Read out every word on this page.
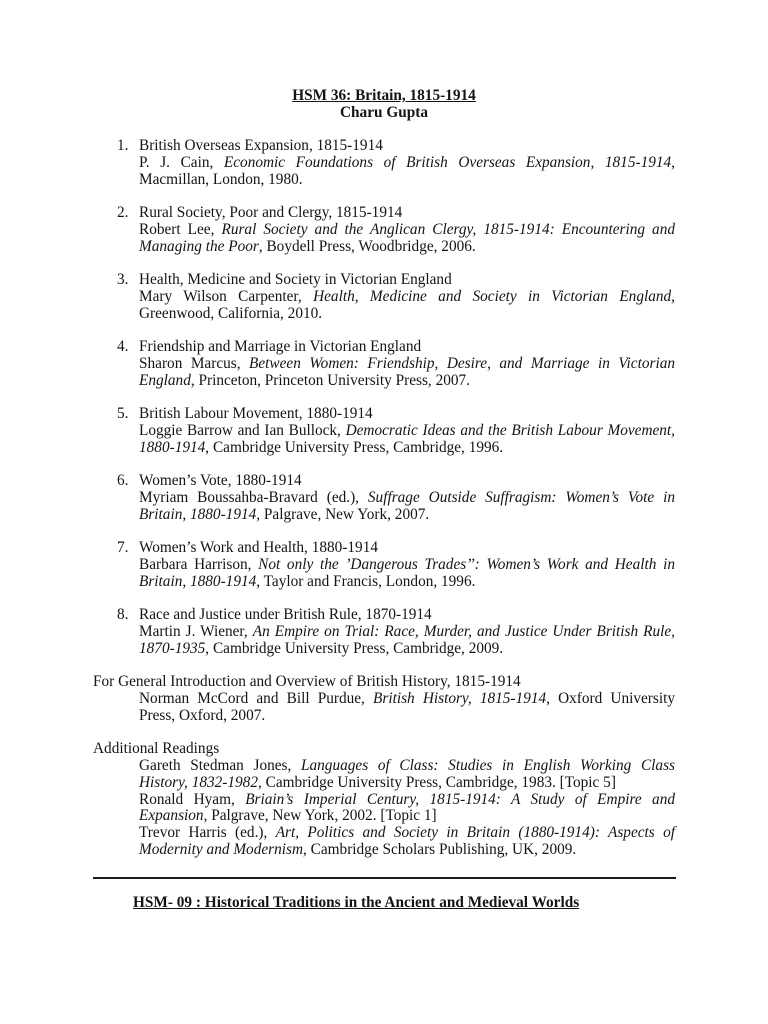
HSM 36: Britain, 1815-1914
Charu Gupta
1. British Overseas Expansion, 1815-1914
P. J. Cain, Economic Foundations of British Overseas Expansion, 1815-1914,
Macmillan, London, 1980.
2. Rural Society, Poor and Clergy, 1815-1914
Robert Lee, Rural Society and the Anglican Clergy, 1815-1914: Encountering and
Managing the Poor, Boydell Press, Woodbridge, 2006.
3. Health, Medicine and Society in Victorian England
Mary Wilson Carpenter, Health, Medicine and Society in Victorian England,
Greenwood, California, 2010.
4. Friendship and Marriage in Victorian England
Sharon Marcus, Between Women: Friendship, Desire, and Marriage in Victorian
England, Princeton, Princeton University Press, 2007.
5. British Labour Movement, 1880-1914
Loggie Barrow and Ian Bullock, Democratic Ideas and the British Labour Movement,
1880-1914, Cambridge University Press, Cambridge, 1996.
6. Women’s Vote, 1880-1914
Myriam Boussahba-Bravard (ed.), Suffrage Outside Suffragism: Women’s Vote in
Britain, 1880-1914, Palgrave, New York, 2007.
7. Women’s Work and Health, 1880-1914
Barbara Harrison, Not only the ’Dangerous Trades’’: Women’s Work and Health in
Britain, 1880-1914, Taylor and Francis, London, 1996.
8. Race and Justice under British Rule, 1870-1914
Martin J. Wiener, An Empire on Trial: Race, Murder, and Justice Under British Rule,
1870-1935, Cambridge University Press, Cambridge, 2009.
For General Introduction and Overview of British History, 1815-1914
Norman McCord and Bill Purdue, British History, 1815-1914, Oxford University
Press, Oxford, 2007.
Additional Readings
Gareth Stedman Jones, Languages of Class: Studies in English Working Class
History, 1832-1982, Cambridge University Press, Cambridge, 1983. [Topic 5]
Ronald Hyam, Briain’s Imperial Century, 1815-1914: A Study of Empire and
Expansion, Palgrave, New York, 2002. [Topic 1]
Trevor Harris (ed.), Art, Politics and Society in Britain (1880-1914): Aspects of
Modernity and Modernism, Cambridge Scholars Publishing, UK, 2009.
HSM- 09 : Historical Traditions in the Ancient and Medieval Worlds
